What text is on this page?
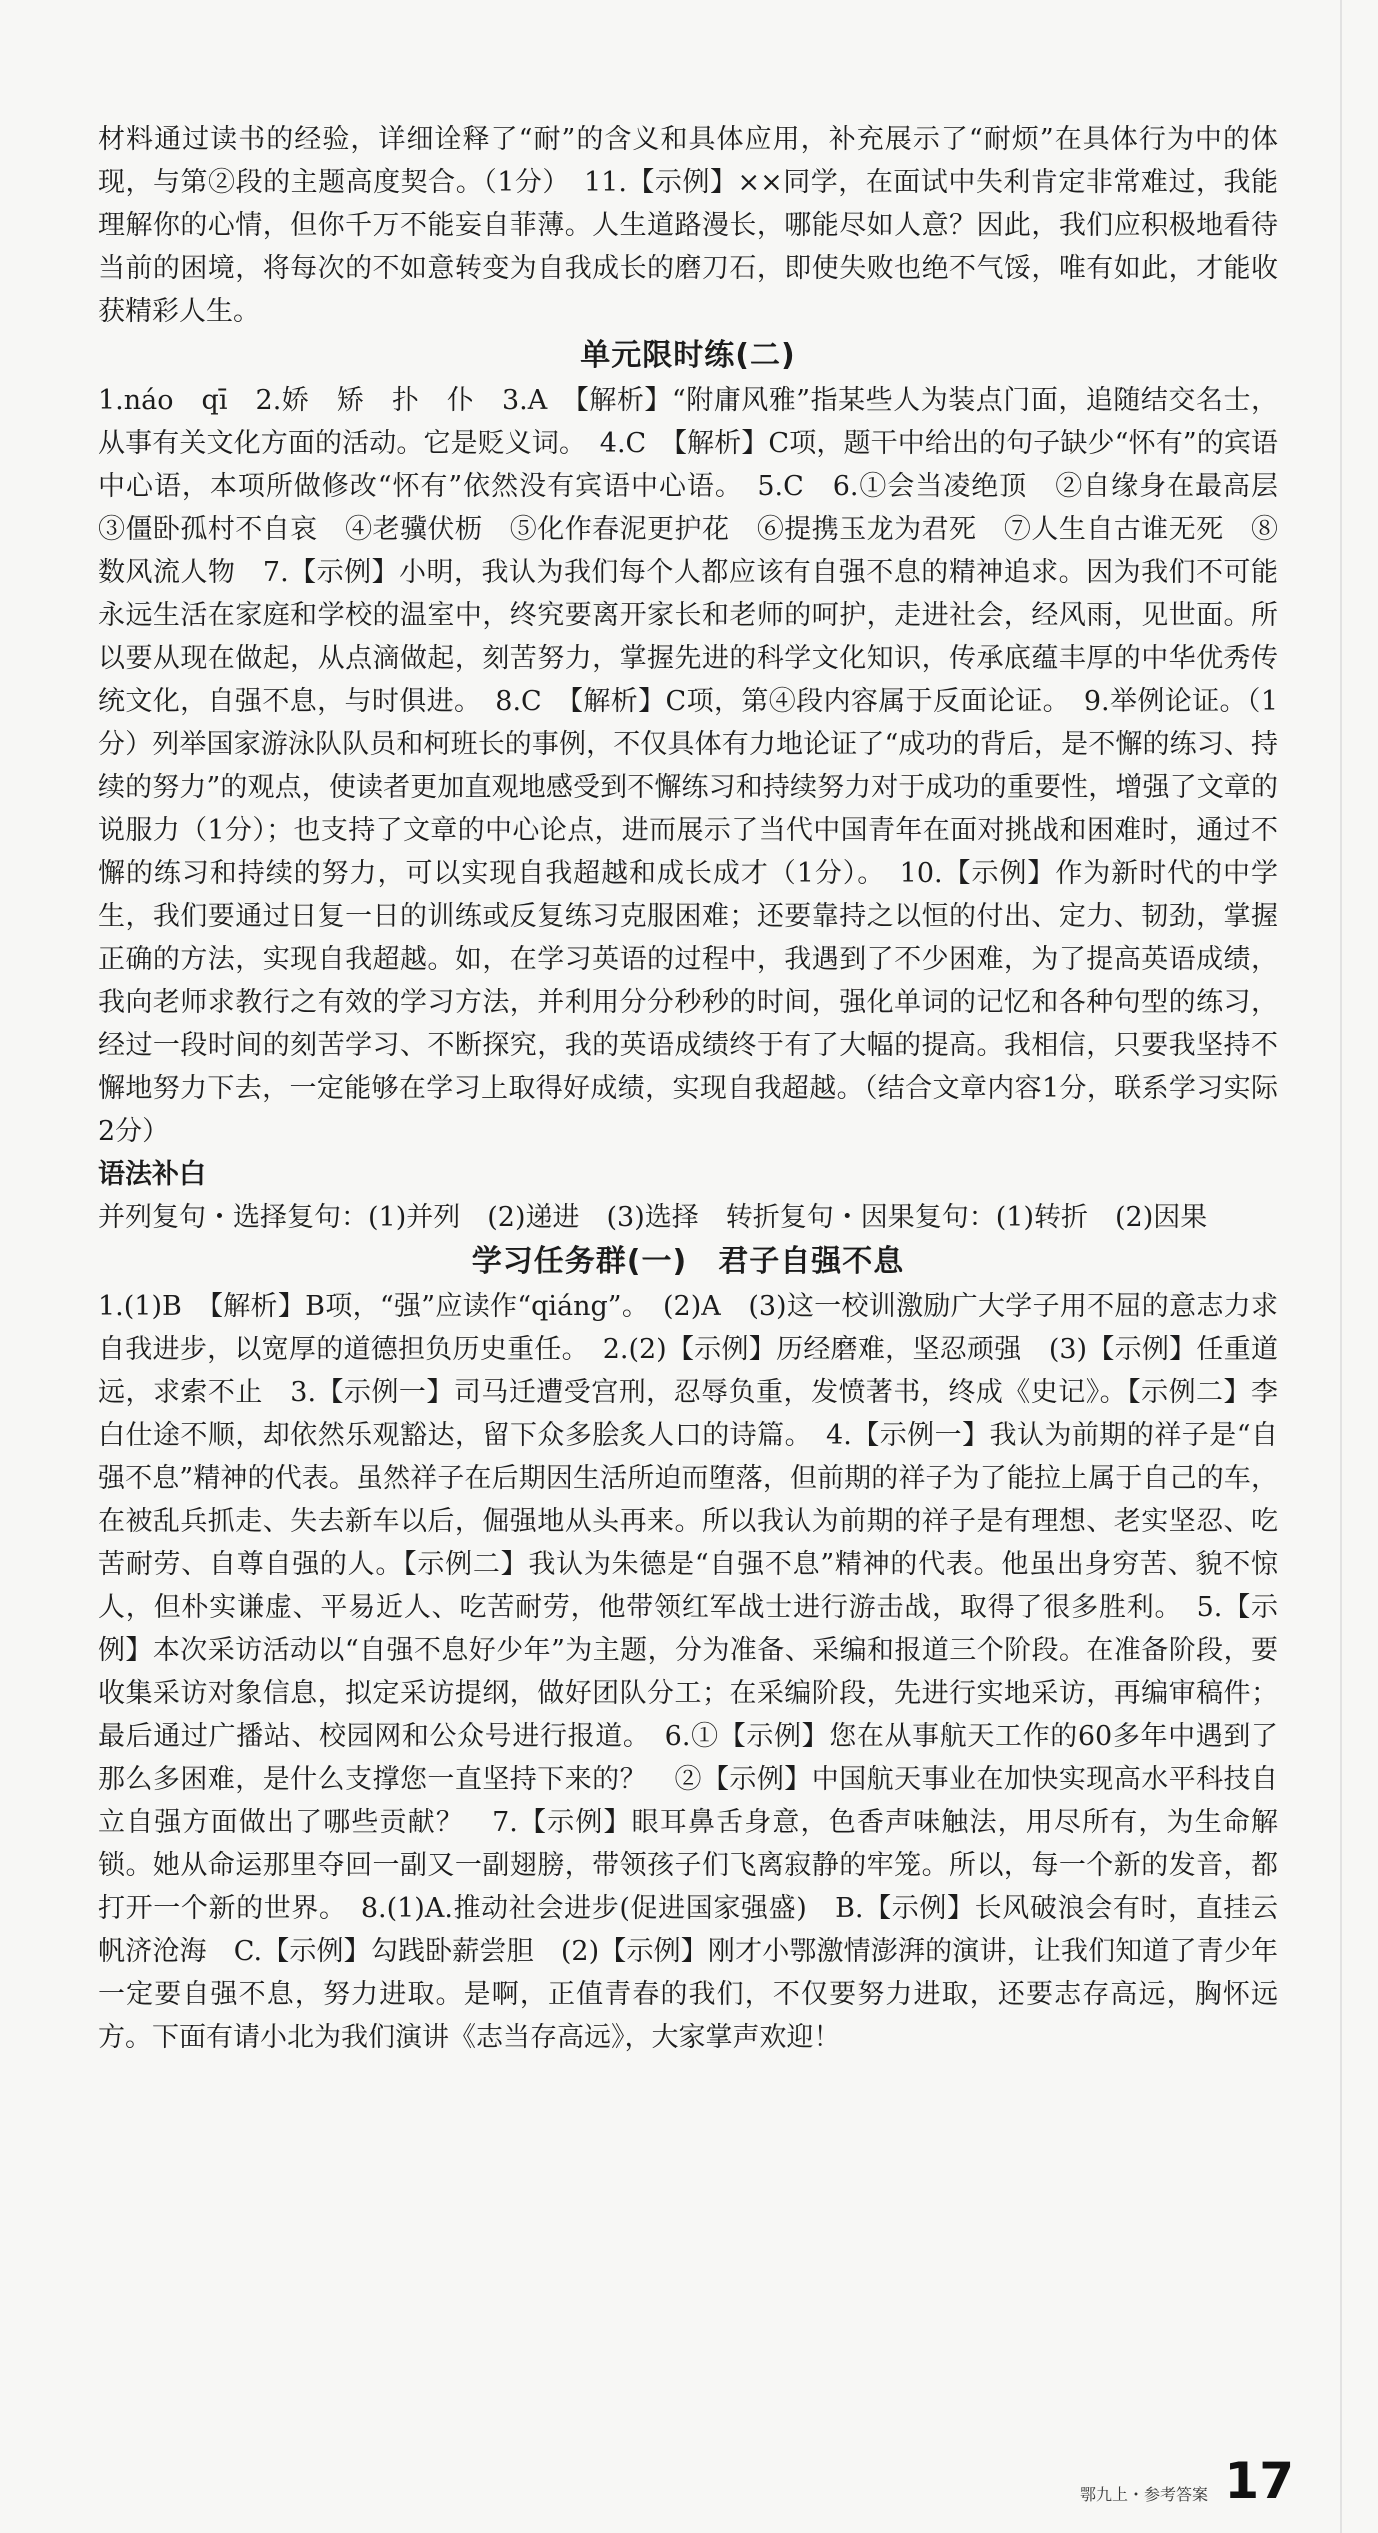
材料通过读书的经验，详细诠释了“耐”的含义和具体应用，补充展示了“耐烦”在具体行为中的体现，与第②段的主题高度契合。（1分）　11.【示例】××同学，在面试中失利肯定非常难过，我能理解你的心情，但你千万不能妄自菲薄。人生道路漫长，哪能尽如人意？因此，我们应积极地看待当前的困境，将每次的不如意转变为自我成长的磨刀石，即使失败也绝不气馁，唯有如此，才能收获精彩人生。

单元限时练(二)

1.náo　qī　2.娇　矫　扑　仆　3.A　【解析】“附庸风雅”指某些人为装点门面，追随结交名士，从事有关文化方面的活动。它是贬义词。　4.C　【解析】C项，题干中给出的句子缺少“怀有”的宾语中心语，本项所做修改“怀有”依然没有宾语中心语。　5.C　6.①会当凌绝顶　②自缘身在最高层　③僵卧孤村不自哀　④老骥伏枥　⑤化作春泥更护花　⑥提携玉龙为君死　⑦人生自古谁无死　⑧数风流人物　7.【示例】小明，我认为我们每个人都应该有自强不息的精神追求。因为我们不可能永远生活在家庭和学校的温室中，终究要离开家长和老师的呵护，走进社会，经风雨，见世面。所以要从现在做起，从点滴做起，刻苦努力，掌握先进的科学文化知识，传承底蕴丰厚的中华优秀传统文化，自强不息，与时俱进。　8.C　【解析】C项，第④段内容属于反面论证。　9.举例论证。（1分）列举国家游泳队队员和柯班长的事例，不仅具体有力地论证了“成功的背后，是不懈的练习、持续的努力”的观点，使读者更加直观地感受到不懈练习和持续努力对于成功的重要性，增强了文章的说服力（1分）；也支持了文章的中心论点，进而展示了当代中国青年在面对挑战和困难时，通过不懈的练习和持续的努力，可以实现自我超越和成长成才（1分）。　10.【示例】作为新时代的中学生，我们要通过日复一日的训练或反复练习克服困难；还要靠持之以恒的付出、定力、韧劲，掌握正确的方法，实现自我超越。如，在学习英语的过程中，我遇到了不少困难，为了提高英语成绩，我向老师求教行之有效的学习方法，并利用分分秒秒的时间，强化单词的记忆和各种句型的练习，经过一段时间的刻苦学习、不断探究，我的英语成绩终于有了大幅的提高。我相信，只要我坚持不懈地努力下去，一定能够在学习上取得好成绩，实现自我超越。（结合文章内容1分，联系学习实际2分）

语法补白

并列复句・选择复句：(1)并列　(2)递进　(3)选择　转折复句・因果复句：(1)转折　(2)因果

学习任务群(一)　君子自强不息

1.(1)B　【解析】B项，“强”应读作“qiáng”。　(2)A　(3)这一校训激励广大学子用不屈的意志力求自我进步，以宽厚的道德担负历史重任。　2.(2)【示例】历经磨难，坚忍顽强　(3)【示例】任重道远，求索不止　3.【示例一】司马迁遭受宫刑，忍辱负重，发愤著书，终成《史记》。【示例二】李白仕途不顺，却依然乐观豁达，留下众多脍炙人口的诗篇。　4.【示例一】我认为前期的祥子是“自强不息”精神的代表。虽然祥子在后期因生活所迫而堕落，但前期的祥子为了能拉上属于自己的车，在被乱兵抓走、失去新车以后，倔强地从头再来。所以我认为前期的祥子是有理想、老实坚忍、吃苦耐劳、自尊自强的人。【示例二】我认为朱德是“自强不息”精神的代表。他虽出身穷苦、貌不惊人，但朴实谦虚、平易近人、吃苦耐劳，他带领红军战士进行游击战，取得了很多胜利。　5.【示例】本次采访活动以“自强不息好少年”为主题，分为准备、采编和报道三个阶段。在准备阶段，要收集采访对象信息，拟定采访提纲，做好团队分工；在采编阶段，先进行实地采访，再编审稿件；最后通过广播站、校园网和公众号进行报道。　6.①【示例】您在从事航天工作的60多年中遇到了那么多困难，是什么支撑您一直坚持下来的？　②【示例】中国航天事业在加快实现高水平科技自立自强方面做出了哪些贡献？　7.【示例】眼耳鼻舌身意，色香声味触法，用尽所有，为生命解锁。她从命运那里夺回一副又一副翅膀，带领孩子们飞离寂静的牢笼。所以，每一个新的发音，都打开一个新的世界。　8.(1)A.推动社会进步(促进国家强盛)　B.【示例】长风破浪会有时，直挂云帆济沧海　C.【示例】勾践卧薪尝胆　(2)【示例】刚才小鄂激情澎湃的演讲，让我们知道了青少年一定要自强不息，努力进取。是啊，正值青春的我们，不仅要努力进取，还要志存高远，胸怀远方。下面有请小北为我们演讲《志当存高远》，大家掌声欢迎！

鄂九上・参考答案 17
